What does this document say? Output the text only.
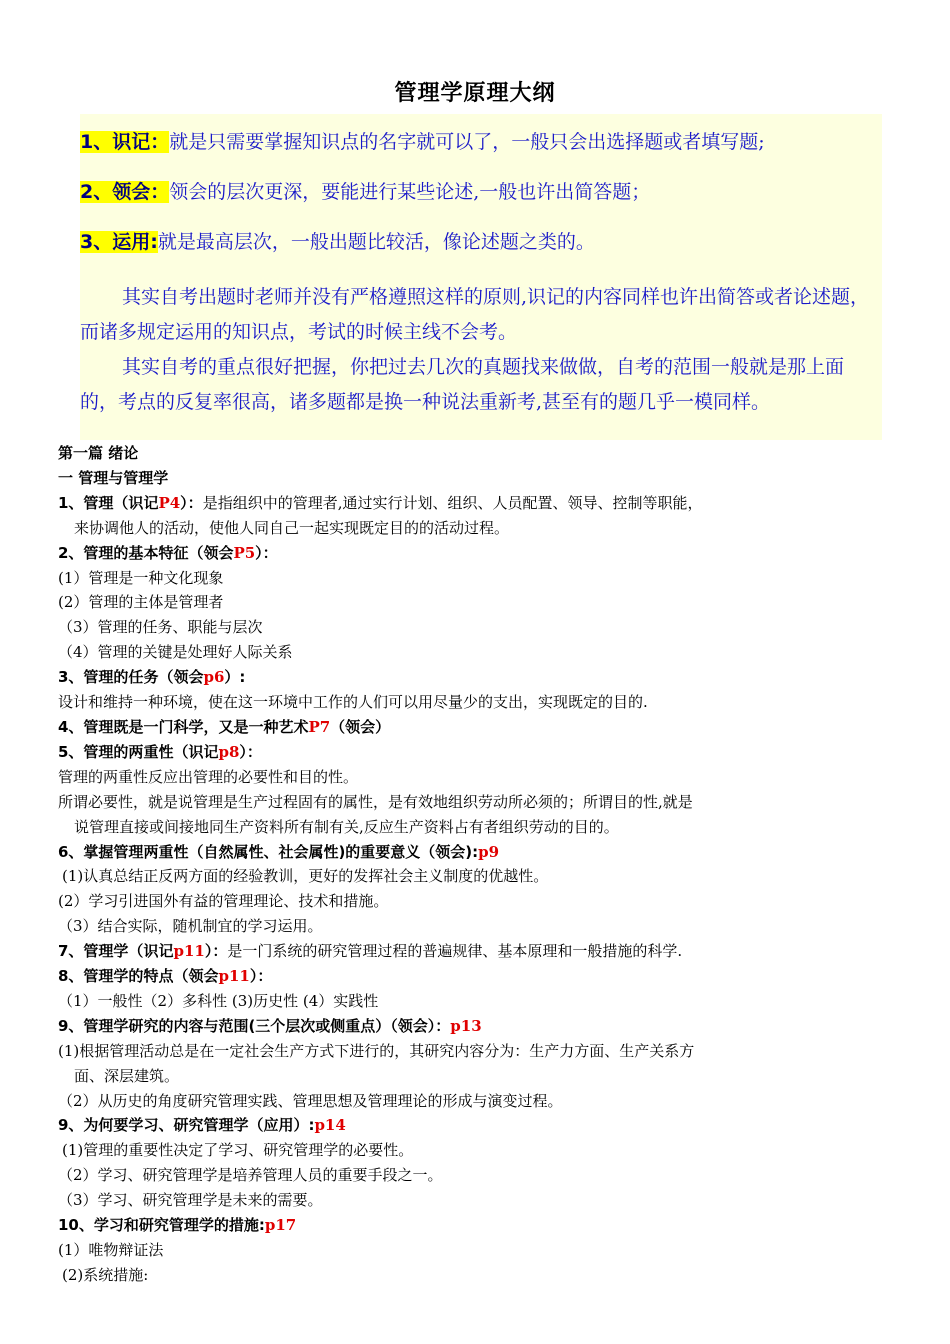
管理学原理大纲
1、识记：就是只需要掌握知识点的名字就可以了，一般只会出选择题或者填写题;
2、领会：领会的层次更深，要能进行某些论述,一般也许出简答题；
3、运用:就是最高层次，一般出题比较活，像论述题之类的。
其实自考出题时老师并没有严格遵照这样的原则,识记的内容同样也许出简答或者论述题，而诸多规定运用的知识点，考试的时候主线不会考。
其实自考的重点很好把握，你把过去几次的真题找来做做，自考的范围一般就是那上面的，考点的反复率很高，诸多题都是换一种说法重新考,甚至有的题几乎一模同样。
第一篇 绪论
一 管理与管理学
1、管理（识记P4）：是指组织中的管理者,通过实行计划、组织、人员配置、领导、控制等职能，
来协调他人的活动，使他人同自己一起实现既定目的的活动过程。
2、管理的基本特征（领会P5）：
(1）管理是一种文化现象
(2）管理的主体是管理者
（3）管理的任务、职能与层次
（4）管理的关键是处理好人际关系
3、管理的任务（领会p6）:
设计和维持一种环境，使在这一环境中工作的人们可以用尽量少的支出，实现既定的目的.
4、管理既是一门科学，又是一种艺术P7（领会）
5、管理的两重性（识记p8）：
管理的两重性反应出管理的必要性和目的性。
所谓必要性，就是说管理是生产过程固有的属性，是有效地组织劳动所必须的；所谓目的性,就是
说管理直接或间接地同生产资料所有制有关,反应生产资料占有者组织劳动的目的。
6、掌握管理两重性（自然属性、社会属性)的重要意义（领会):p9
(1)认真总结正反两方面的经验教训，更好的发挥社会主义制度的优越性。
(2）学习引进国外有益的管理理论、技术和措施。
（3）结合实际，随机制宜的学习运用。
7、管理学（识记p11）：是一门系统的研究管理过程的普遍规律、基本原理和一般措施的科学.
8、管理学的特点（领会p11）：
（1）一般性（2）多科性 (3)历史性 (4）实践性
9、管理学研究的内容与范围(三个层次或侧重点）（领会）：p13
(1)根据管理活动总是在一定社会生产方式下进行的，其研究内容分为：生产力方面、生产关系方
面、深层建筑。
（2）从历史的角度研究管理实践、管理思想及管理理论的形成与演变过程。
9、为何要学习、研究管理学（应用）:p14
(1)管理的重要性决定了学习、研究管理学的必要性。
（2）学习、研究管理学是培养管理人员的重要手段之一。
（3）学习、研究管理学是未来的需要。
10、学习和研究管理学的措施:p17
(1）唯物辩证法
(2)系统措施:
